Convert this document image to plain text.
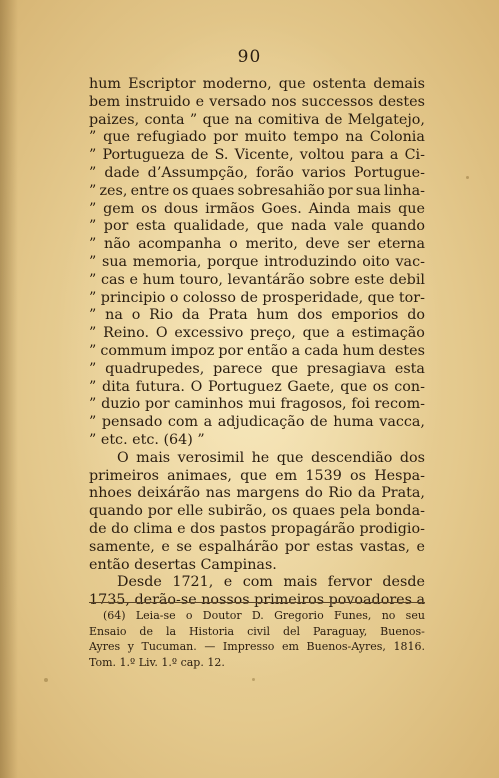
90
hum Escriptor moderno, que ostenta demais
bem instruido e versado nos successos destes
paizes, conta ” que na comitiva de Melgatejo,
” que refugiado por muito tempo na Colonia
” Portugueza de S. Vicente, voltou para a Ci-
” dade d’Assumpção, forão varios Portugue-
” zes, entre os quaes sobresahião por sua linha-
” gem os dous irmãos Goes. Ainda mais que
” por esta qualidade, que nada vale quando
” não acompanha o merito, deve ser eterna
” sua memoria, porque introduzindo oito vac-
” cas e hum touro, levantárão sobre este debil
” principio o colosso de prosperidade, que tor-
” na o Rio da Prata hum dos emporios do
” Reino. O excessivo preço, que a estimação
” commum impoz por então a cada hum destes
” quadrupedes, parece que presagiava esta
” dita futura. O Portuguez Gaete, que os con-
” duzio por caminhos mui fragosos, foi recom-
” pensado com a adjudicação de huma vacca,
” etc. etc. (64) ”
O mais verosimil he que descendião dos
primeiros animaes, que em 1539 os Hespa-
nhoes deixárão nas margens do Rio da Prata,
quando por elle subirão, os quaes pela bonda-
de do clima e dos pastos propagárão prodigio-
samente, e se espalhárão por estas vastas, e
então desertas Campinas.
Desde 1721, e com mais fervor desde
1735, derão-se nossos primeiros povoadores a
(64) Leia-se o Doutor D. Gregorio Funes, no seu
Ensaio de la Historia civil del Paraguay, Buenos-
Ayres y Tucuman. — Impresso em Buenos-Ayres, 1816.
Tom. 1.º Liv. 1.º cap. 12.
